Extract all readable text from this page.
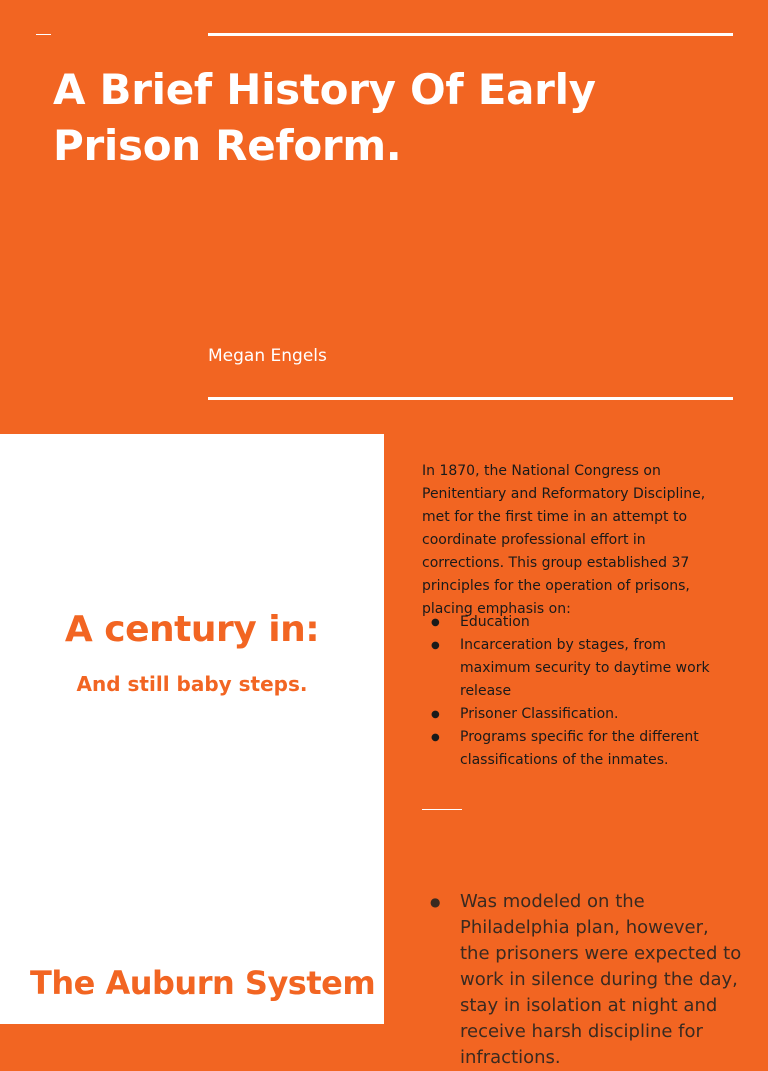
A Brief History Of Early Prison Reform.
Megan Engels
A century in:

And still baby steps.

The Auburn System

In 1870, the National Congress on Penitentiary and Reformatory Discipline, met for the first time in an attempt to coordinate professional effort in corrections. This group established 37 principles for the operation of prisons, placing emphasis on:

● Education
● Incarceration by stages, from maximum security to daytime work release
● Prisoner Classification.
● Programs specific for the different classifications of the inmates.
● Was modeled on the Philadelphia plan, however, the prisoners were expected to work in silence during the day, stay in isolation at night and receive harsh discipline for infractions.
